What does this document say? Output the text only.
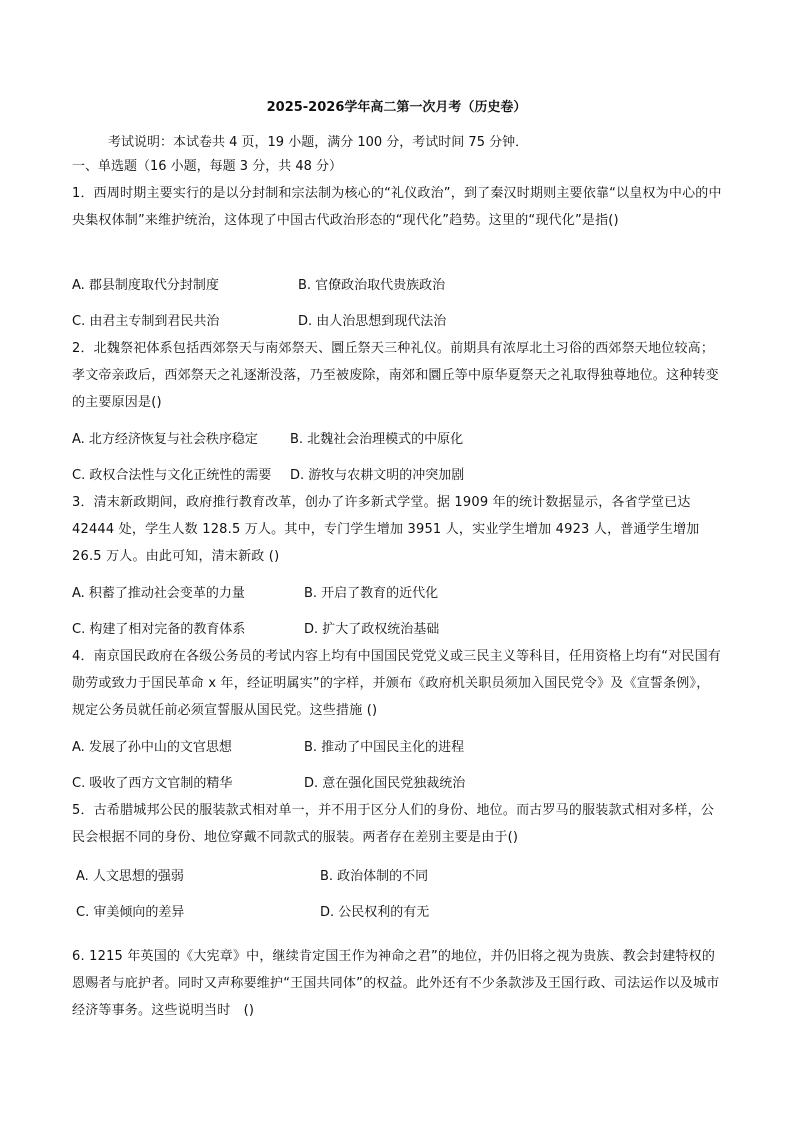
2025-2026学年高二第一次月考（历史卷）
考试说明：本试卷共 4 页，19 小题，满分 100 分，考试时间 75 分钟．
一、单选题（16 小题，每题 3 分，共 48 分）
1．西周时期主要实行的是以分封制和宗法制为核心的“礼仪政治”，到了秦汉时期则主要依靠“以皇权为中心的中央集权体制”来维护统治，这体现了中国古代政治形态的“现代化”趋势。这里的“现代化”是指()
A. 郡县制度取代分封制度	B. 官僚政治取代贵族政治
C. 由君主专制到君民共治	D. 由人治思想到现代法治
2．北魏祭祀体系包括西郊祭天与南郊祭天、圜丘祭天三种礼仪。前期具有浓厚北土习俗的西郊祭天地位较高；孝文帝亲政后，西郊祭天之礼逐渐没落，乃至被废除，南郊和圜丘等中原华夏祭天之礼取得独尊地位。这种转变的主要原因是()
A. 北方经济恢复与社会秩序稳定 B. 北魏社会治理模式的中原化
C. 政权合法性与文化正统性的需要 D. 游牧与农耕文明的冲突加剧
3．清末新政期间，政府推行教育改革，创办了许多新式学堂。据 1909 年的统计数据显示，各省学堂已达 42444 处，学生人数 128.5 万人。其中，专门学生增加 3951 人，实业学生增加 4923 人，普通学生增加 26.5 万人。由此可知，清末新政 ()
A. 积蓄了推动社会变革的力量	B. 开启了教育的近代化
C. 构建了相对完备的教育体系	D. 扩大了政权统治基础
4．南京国民政府在各级公务员的考试内容上均有中国国民党党义或三民主义等科目，任用资格上均有“对民国有勋劳或致力于国民革命 x 年，经证明属实”的字样，并颁布《政府机关职员须加入国民党令》及《宣誓条例》，规定公务员就任前必须宣誓服从国民党。这些措施 ()
A. 发展了孙中山的文官思想	B. 推动了中国民主化的进程
C. 吸收了西方文官制的精华	D. 意在强化国民党独裁统治
5．古希腊城邦公民的服装款式相对单一，并不用于区分人们的身份、地位。而古罗马的服装款式相对多样，公民会根据不同的身份、地位穿戴不同款式的服装。两者存在差别主要是由于()
A. 人文思想的强弱	B. 政治体制的不同
C. 审美倾向的差异	D. 公民权利的有无
6. 1215 年英国的《大宪章》中，继续肯定国王作为神命之君”的地位，并仍旧将之视为贵族、教会封建特权的恩赐者与庇护者。同时又声称要维护“王国共同体”的权益。此外还有不少条款涉及王国行政、司法运作以及城市经济等事务。这些说明当时　()
